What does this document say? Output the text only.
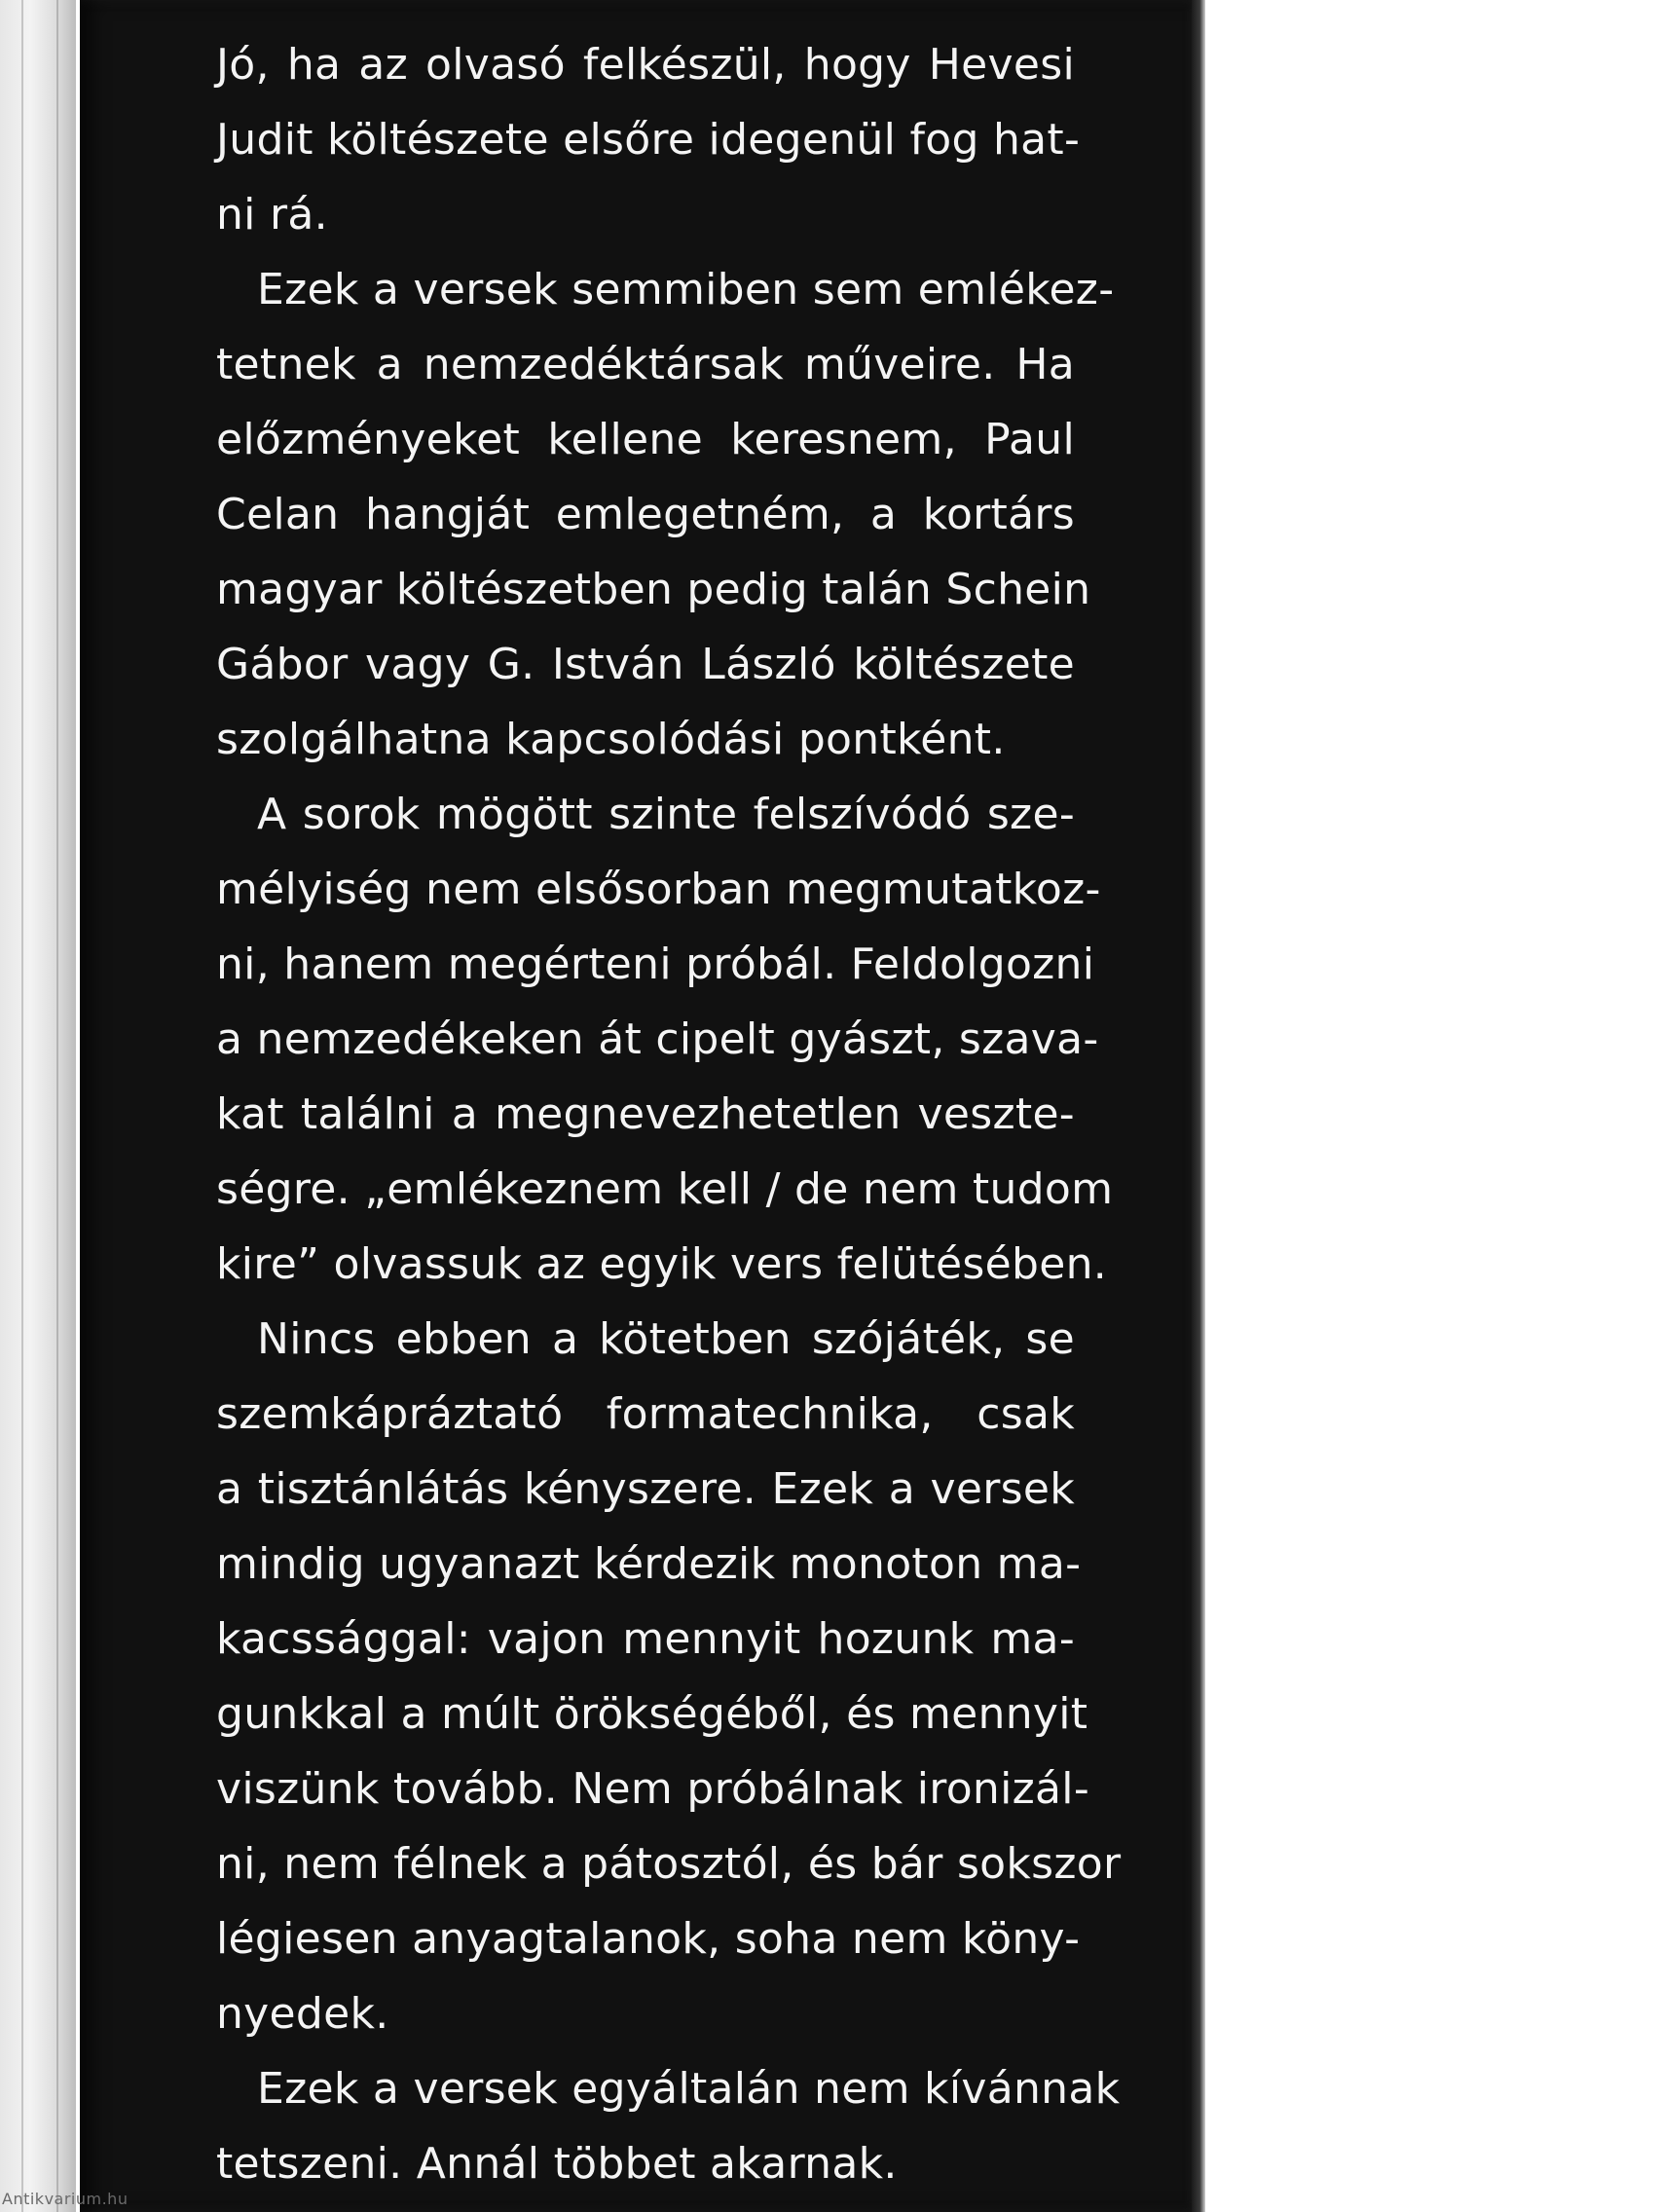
Jó, ha az olvasó felkészül, hogy Hevesi
Judit költészete elsőre idegenül fog hat-
ni rá.
Ezek a versek semmiben sem emlékez-
tetnek a nemzedéktársak műveire. Ha
előzményeket kellene keresnem, Paul
Celan hangját emlegetném, a kortárs
magyar költészetben pedig talán Schein
Gábor vagy G. István László költészete
szolgálhatna kapcsolódási pontként.
A sorok mögött szinte felszívódó sze-
mélyiség nem elsősorban megmutatkoz-
ni, hanem megérteni próbál. Feldolgozni
a nemzedékeken át cipelt gyászt, szava-
kat találni a megnevezhetetlen veszte-
ségre. „emlékeznem kell / de nem tudom
kire” olvassuk az egyik vers felütésében.
Nincs ebben a kötetben szójáték, se
szemkápráztató formatechnika, csak
a tisztánlátás kényszere. Ezek a versek
mindig ugyanazt kérdezik monoton ma-
kacssággal: vajon mennyit hozunk ma-
gunkkal a múlt örökségéből, és mennyit
viszünk tovább. Nem próbálnak ironizál-
ni, nem félnek a pátosztól, és bár sokszor
légiesen anyagtalanok, soha nem köny-
nyedek.
Ezek a versek egyáltalán nem kívánnak
tetszeni. Annál többet akarnak.
Antikvarium.hu
